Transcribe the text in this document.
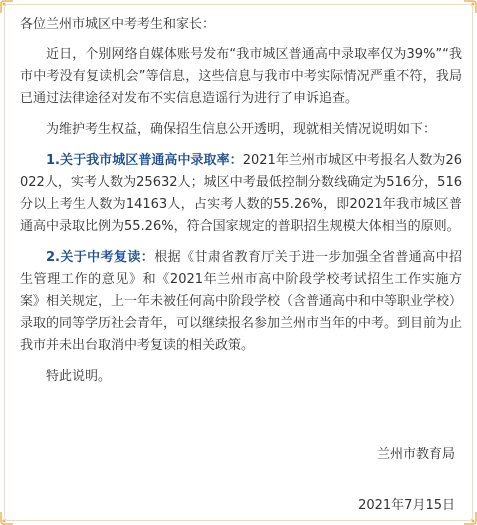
各位兰州市城区中考考生和家长：

近日，个别网络自媒体账号发布“我市城区普通高中录取率仅为39%”“我市中考没有复读机会”等信息，这些信息与我市中考实际情况严重不符，我局已通过法律途径对发布不实信息造谣行为进行了申诉追查。

为维护考生权益，确保招生信息公开透明，现就相关情况说明如下：

1.关于我市城区普通高中录取率：2021年兰州市城区中考报名人数为26022人，实考人数为25632人；城区中考最低控制分数线确定为516分，516分以上考生人数为14163人，占实考人数的55.26%，即2021年我市城区普通高中录取比例为55.26%，符合国家规定的普职招生规模大体相当的原则。

2.关于中考复读：根据《甘肃省教育厅关于进一步加强全省普通高中招生管理工作的意见》和《2021年兰州市高中阶段学校考试招生工作实施方案》相关规定，上一年未被任何高中阶段学校（含普通高中和中等职业学校）录取的同等学历社会青年，可以继续报名参加兰州市当年的中考。到目前为止我市并未出台取消中考复读的相关政策。

特此说明。

兰州市教育局
2021年7月15日
